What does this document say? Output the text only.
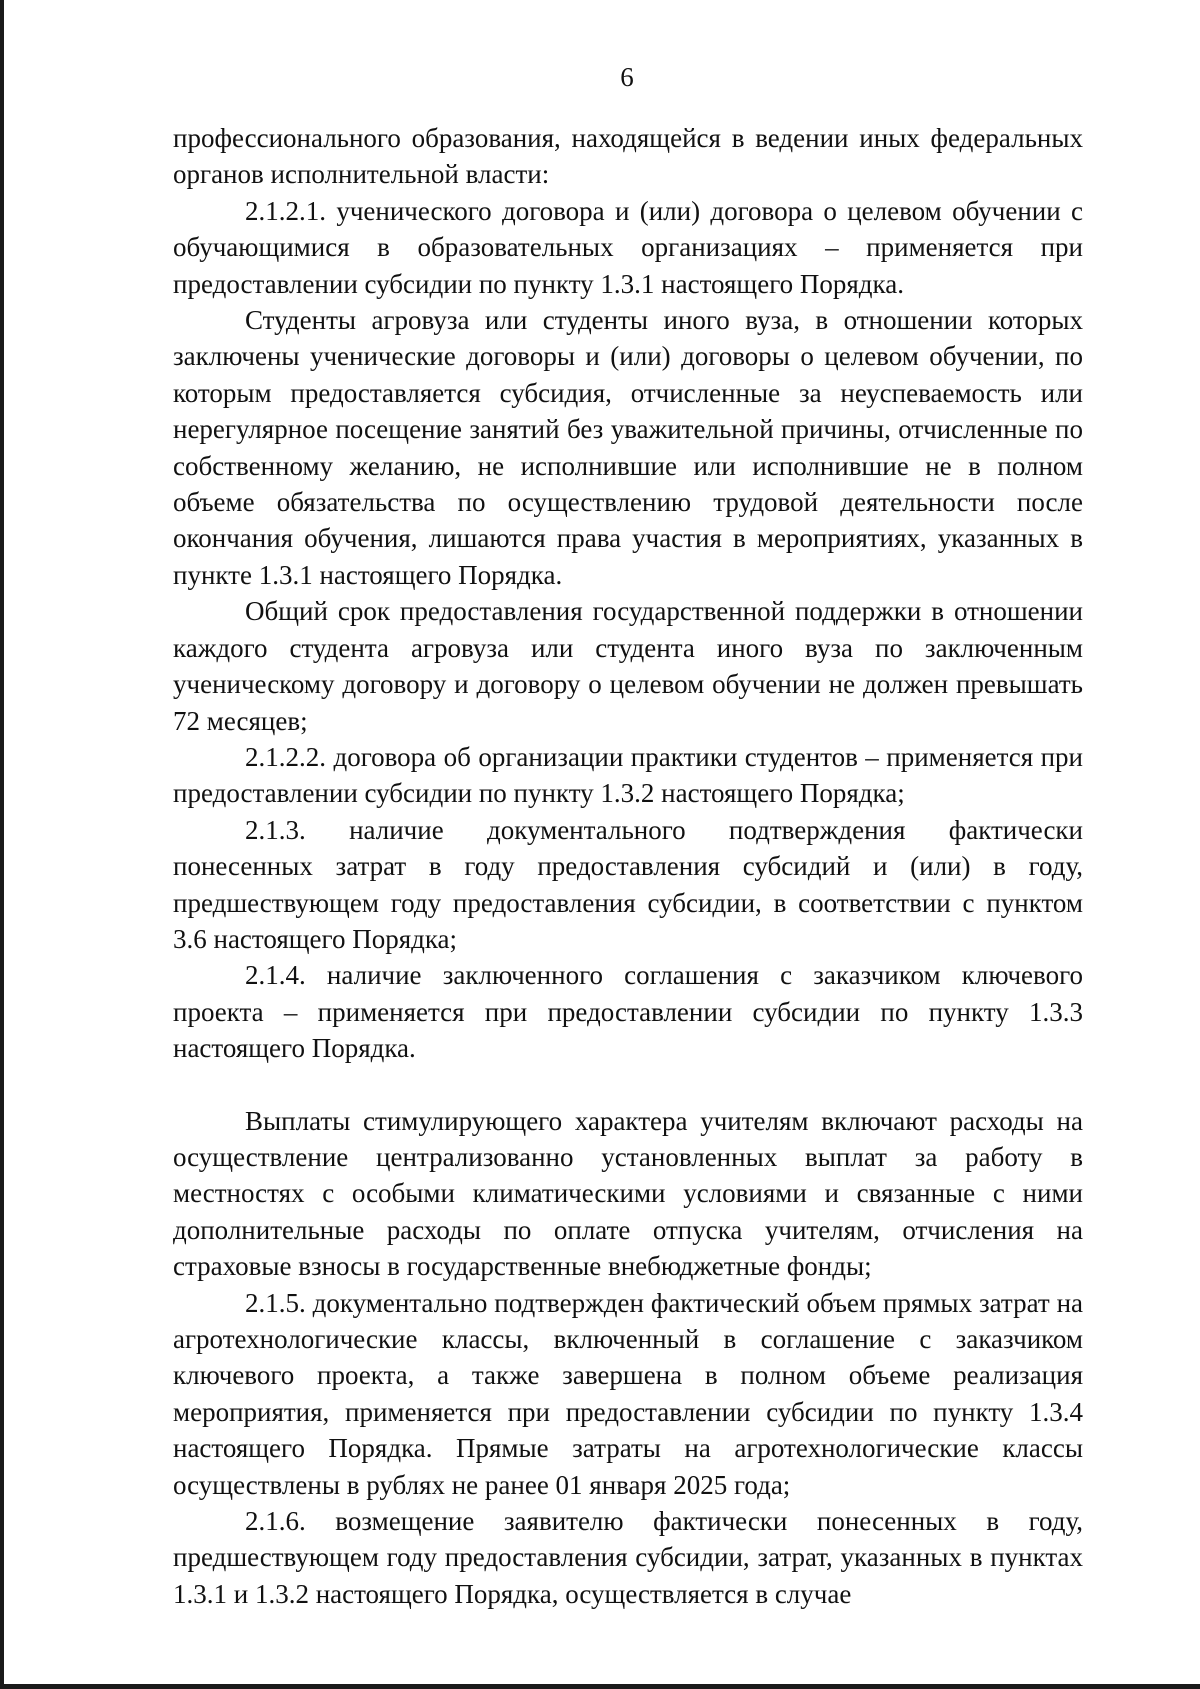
6

профессионального образования, находящейся в ведении иных федеральных органов исполнительной власти:

2.1.2.1. ученического договора и (или) договора о целевом обучении с обучающимися в образовательных организациях – применяется при предоставлении субсидии по пункту 1.3.1 настоящего Порядка.

Студенты агровуза или студенты иного вуза, в отношении которых заключены ученические договоры и (или) договоры о целевом обучении, по которым предоставляется субсидия, отчисленные за неуспеваемость или нерегулярное посещение занятий без уважительной причины, отчисленные по собственному желанию, не исполнившие или исполнившие не в полном объеме обязательства по осуществлению трудовой деятельности после окончания обучения, лишаются права участия в мероприятиях, указанных в пункте 1.3.1 настоящего Порядка.

Общий срок предоставления государственной поддержки в отношении каждого студента агровуза или студента иного вуза по заключенным ученическому договору и договору о целевом обучении не должен превышать 72 месяцев;

2.1.2.2. договора об организации практики студентов – применяется при предоставлении субсидии по пункту 1.3.2 настоящего Порядка;

2.1.3. наличие документального подтверждения фактически понесенных затрат в году предоставления субсидий и (или) в году, предшествующем году предоставления субсидии, в соответствии с пунктом 3.6 настоящего Порядка;

2.1.4. наличие заключенного соглашения с заказчиком ключевого проекта – применяется при предоставлении субсидии по пункту 1.3.3 настоящего Порядка.

Выплаты стимулирующего характера учителям включают расходы на осуществление централизованно установленных выплат за работу в местностях с особыми климатическими условиями и связанные с ними дополнительные расходы по оплате отпуска учителям, отчисления на страховые взносы в государственные внебюджетные фонды;

2.1.5. документально подтвержден фактический объем прямых затрат на агротехнологические классы, включенный в соглашение с заказчиком ключевого проекта, а также завершена в полном объеме реализация мероприятия, применяется при предоставлении субсидии по пункту 1.3.4 настоящего Порядка. Прямые затраты на агротехнологические классы осуществлены в рублях не ранее 01 января 2025 года;

2.1.6. возмещение заявителю фактически понесенных в году, предшествующем году предоставления субсидии, затрат, указанных в пунктах 1.3.1 и 1.3.2 настоящего Порядка, осуществляется в случае
